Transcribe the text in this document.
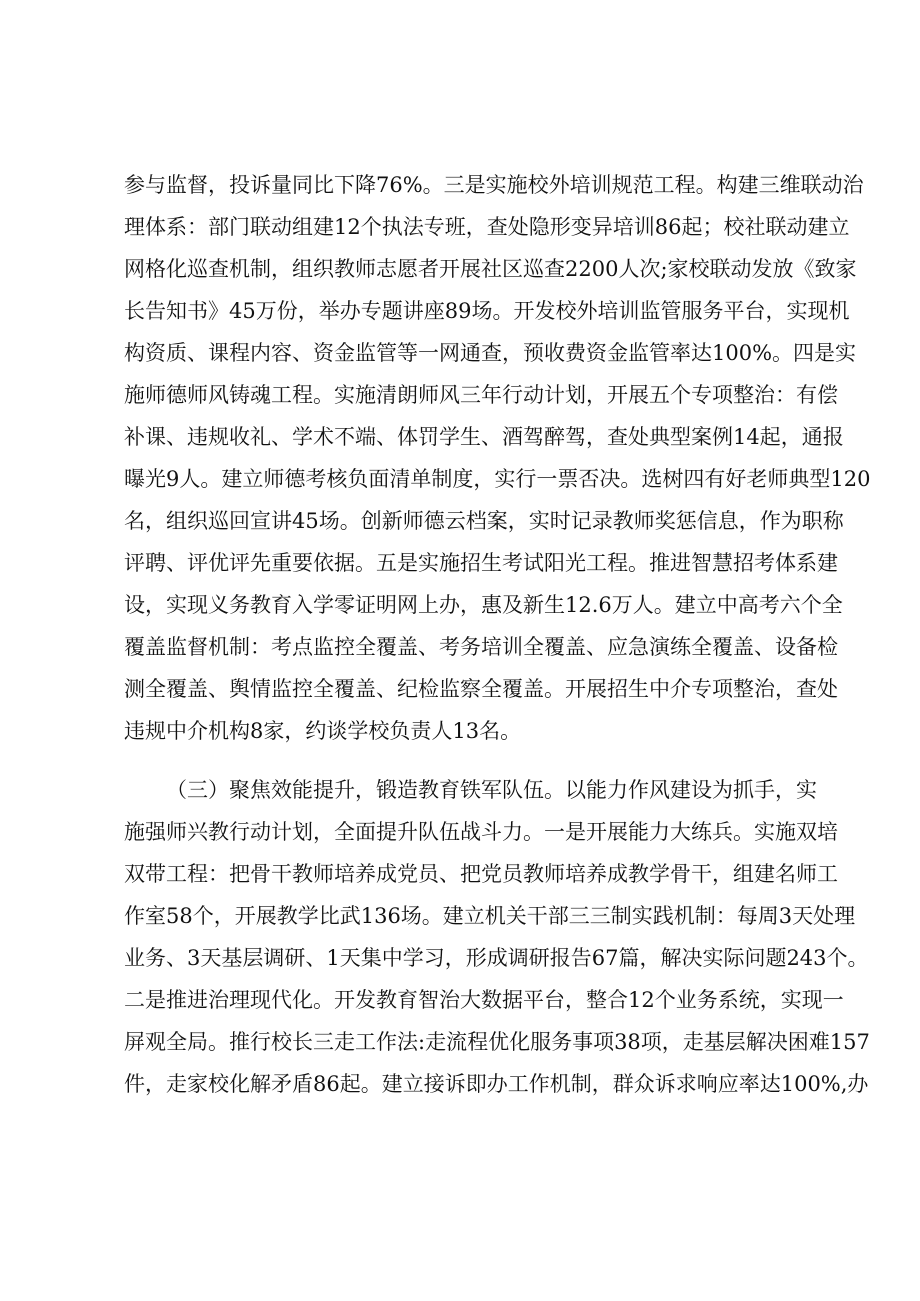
参与监督，投诉量同比下降76%。三是实施校外培训规范工程。构建三维联动治
理体系：部门联动组建12个执法专班，查处隐形变异培训86起；校社联动建立
网格化巡查机制，组织教师志愿者开展社区巡查2200人次;家校联动发放《致家
长告知书》45万份，举办专题讲座89场。开发校外培训监管服务平台，实现机
构资质、课程内容、资金监管等一网通查，预收费资金监管率达100%。四是实
施师德师风铸魂工程。实施清朗师风三年行动计划，开展五个专项整治：有偿
补课、违规收礼、学术不端、体罚学生、酒驾醉驾，查处典型案例14起，通报
曝光9人。建立师德考核负面清单制度，实行一票否决。选树四有好老师典型120
名，组织巡回宣讲45场。创新师德云档案，实时记录教师奖惩信息，作为职称
评聘、评优评先重要依据。五是实施招生考试阳光工程。推进智慧招考体系建
设，实现义务教育入学零证明网上办，惠及新生12.6万人。建立中高考六个全
覆盖监督机制：考点监控全覆盖、考务培训全覆盖、应急演练全覆盖、设备检
测全覆盖、舆情监控全覆盖、纪检监察全覆盖。开展招生中介专项整治，查处
违规中介机构8家，约谈学校负责人13名。
（三）聚焦效能提升，锻造教育铁军队伍。以能力作风建设为抓手，实
施强师兴教行动计划，全面提升队伍战斗力。一是开展能力大练兵。实施双培
双带工程：把骨干教师培养成党员、把党员教师培养成教学骨干，组建名师工
作室58个，开展教学比武136场。建立机关干部三三制实践机制：每周3天处理
业务、3天基层调研、1天集中学习，形成调研报告67篇，解决实际问题243个。
二是推进治理现代化。开发教育智治大数据平台，整合12个业务系统，实现一
屏观全局。推行校长三走工作法:走流程优化服务事项38项，走基层解决困难157
件，走家校化解矛盾86起。建立接诉即办工作机制，群众诉求响应率达100%,办
